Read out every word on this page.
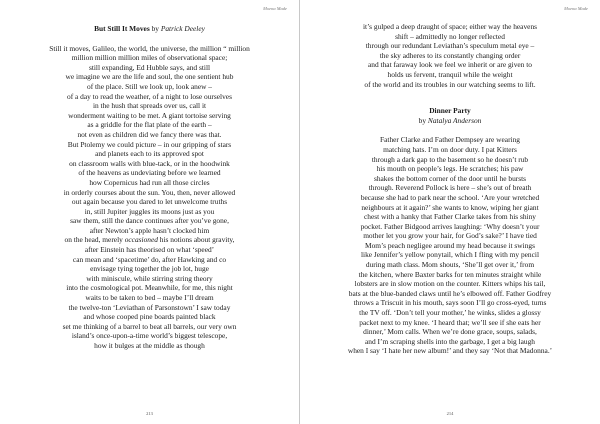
Moena Made
But Still It Moves by Patrick Deeley
Still it moves, Galileo, the world, the universe, the million “ million
million million million miles of observational space;
still expanding, Ed Hubble says, and still
we imagine we are the life and soul, the one sentient hub
of the place. Still we look up, look anew –
of a day to read the weather, of a night to lose ourselves
in the hush that spreads over us, call it
wonderment waiting to be met. A giant tortoise serving
as a griddle for the flat plate of the earth –
not even as children did we fancy there was that.
But Ptolemy we could picture – in our gripping of stars
and planets each to its approved spot
on classroom walls with blue-tack, or in the hoodwink
of the heavens as undeviating before we learned
how Copernicus had run all those circles
in orderly courses about the sun. You, then, never allowed
out again because you dared to let unwelcome truths
in, still Jupiter juggles its moons just as you
saw them, still the dance continues after you’ve gone,
after Newton’s apple hasn’t clocked him
on the head, merely occasioned his notions about gravity,
after Einstein has theorised on what ‘speed’
can mean and ‘spacetime’ do, after Hawking and co
envisage tying together the job lot, huge
with miniscule, while stirring string theory
into the cosmological pot. Meanwhile, for me, this night
waits to be taken to bed – maybe I’ll dream
the twelve-ton ‘Leviathan of Parsonstown’ I saw today
and whose cooped pine boards painted black
set me thinking of a barrel to beat all barrels, our very own
island’s once-upon-a-time world’s biggest telescope,
how it bulges at the middle as though
213
Moena Made
it’s gulped a deep draught of space; either way the heavens
shift – admittedly no longer reflected
through our redundant Leviathan’s speculum metal eye –
the sky adheres to its constantly changing order
and that faraway look we feel we inherit or are given to
holds us fervent, tranquil while the weight
of the world and its troubles in our watching seems to lift.
Dinner Party
by Natalya Anderson
Father Clarke and Father Dempsey are wearing
matching hats. I’m on door duty. I pat Kitters
through a dark gap to the basement so he doesn’t rub
his mouth on people’s legs. He scratches; his paw
shakes the bottom corner of the door until he bursts
through. Reverend Pollock is here – she’s out of breath
because she had to park near the school. ‘Are your wretched
neighbours at it again?’ she wants to know, wiping her giant
chest with a hanky that Father Clarke takes from his shiny
pocket. Father Bidgood arrives laughing: ‘Why doesn’t your
mother let you grow your hair, for God’s sake?’ I have tied
Mom’s peach negligee around my head because it swings
like Jennifer’s yellow ponytail, which I fling with my pencil
during math class. Mom shouts, ‘She’ll get over it,’ from
the kitchen, where Baxter barks for ten minutes straight while
lobsters are in slow motion on the counter. Kitters whips his tail,
bats at the blue-banded claws until he’s elbowed off. Father Godfrey
throws a Triscuit in his mouth, says soon I’ll go cross-eyed, turns
the TV off. ‘Don’t tell your mother,’ he winks, slides a glossy
packet next to my knee. ‘I heard that; we’ll see if she eats her
dinner,’ Mom calls. When we’re done grace, soups, salads,
and I’m scraping shells into the garbage, I get a big laugh
when I say ‘I hate her new album!’ and they say ‘Not that Madonna.’
214
